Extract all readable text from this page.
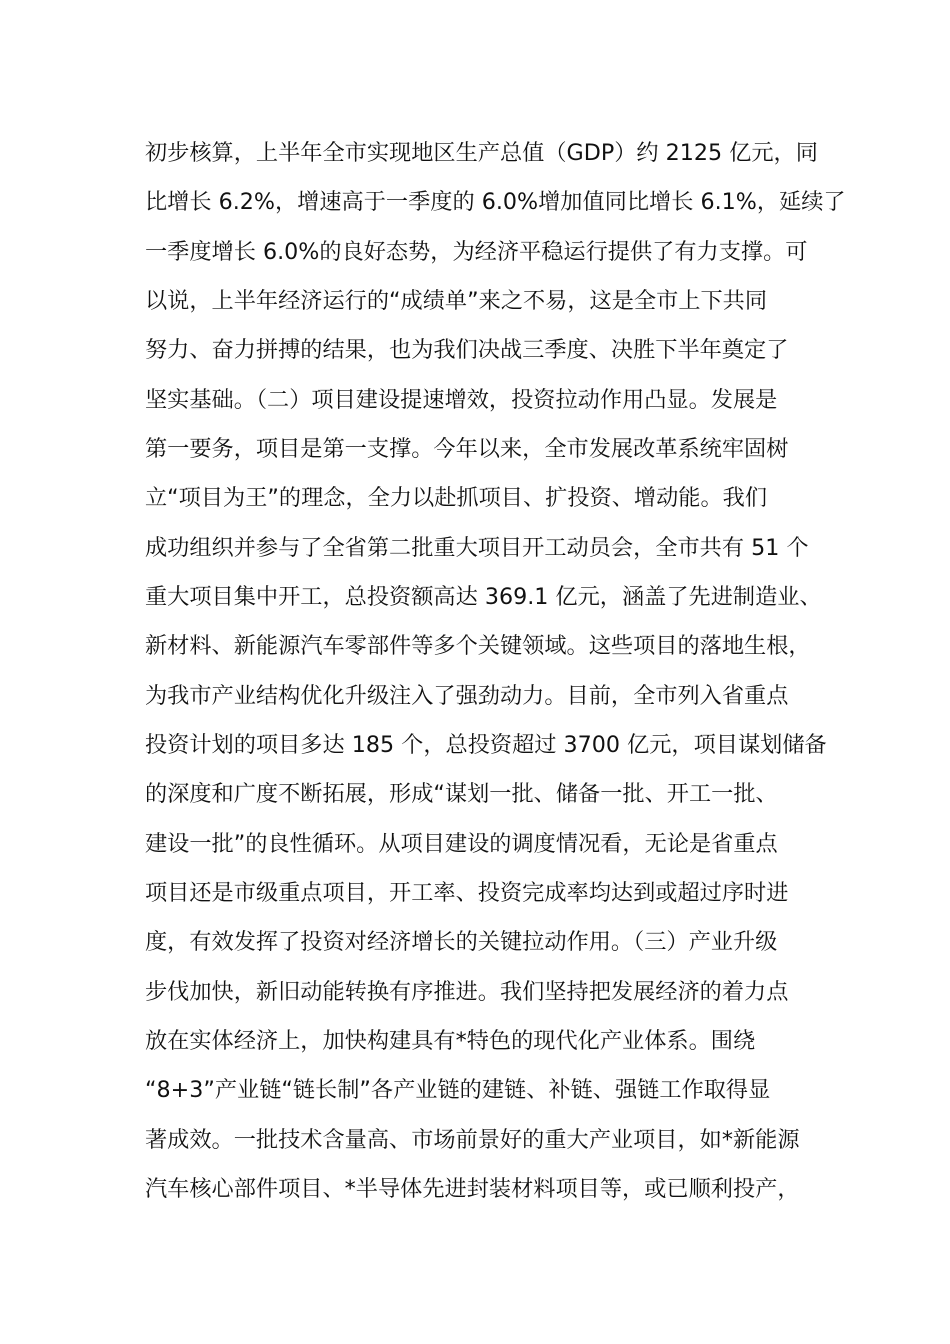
初步核算，上半年全市实现地区生产总值（GDP）约 2125 亿元，同
比增长 6.2%，增速高于一季度的 6.0%增加值同比增长 6.1%，延续了
一季度增长 6.0%的良好态势，为经济平稳运行提供了有力支撑。可
以说，上半年经济运行的“成绩单”来之不易，这是全市上下共同
努力、奋力拼搏的结果，也为我们决战三季度、决胜下半年奠定了
坚实基础。（二）项目建设提速增效，投资拉动作用凸显。发展是
第一要务，项目是第一支撑。今年以来，全市发展改革系统牢固树
立“项目为王”的理念，全力以赴抓项目、扩投资、增动能。我们
成功组织并参与了全省第二批重大项目开工动员会，全市共有 51 个
重大项目集中开工，总投资额高达 369.1 亿元，涵盖了先进制造业、
新材料、新能源汽车零部件等多个关键领域。这些项目的落地生根，
为我市产业结构优化升级注入了强劲动力。目前，全市列入省重点
投资计划的项目多达 185 个，总投资超过 3700 亿元，项目谋划储备
的深度和广度不断拓展，形成“谋划一批、储备一批、开工一批、
建设一批”的良性循环。从项目建设的调度情况看，无论是省重点
项目还是市级重点项目，开工率、投资完成率均达到或超过序时进
度，有效发挥了投资对经济增长的关键拉动作用。（三）产业升级
步伐加快，新旧动能转换有序推进。我们坚持把发展经济的着力点
放在实体经济上，加快构建具有*特色的现代化产业体系。围绕
“8+3”产业链“链长制”各产业链的建链、补链、强链工作取得显
著成效。一批技术含量高、市场前景好的重大产业项目，如*新能源
汽车核心部件项目、*半导体先进封装材料项目等，或已顺利投产，
